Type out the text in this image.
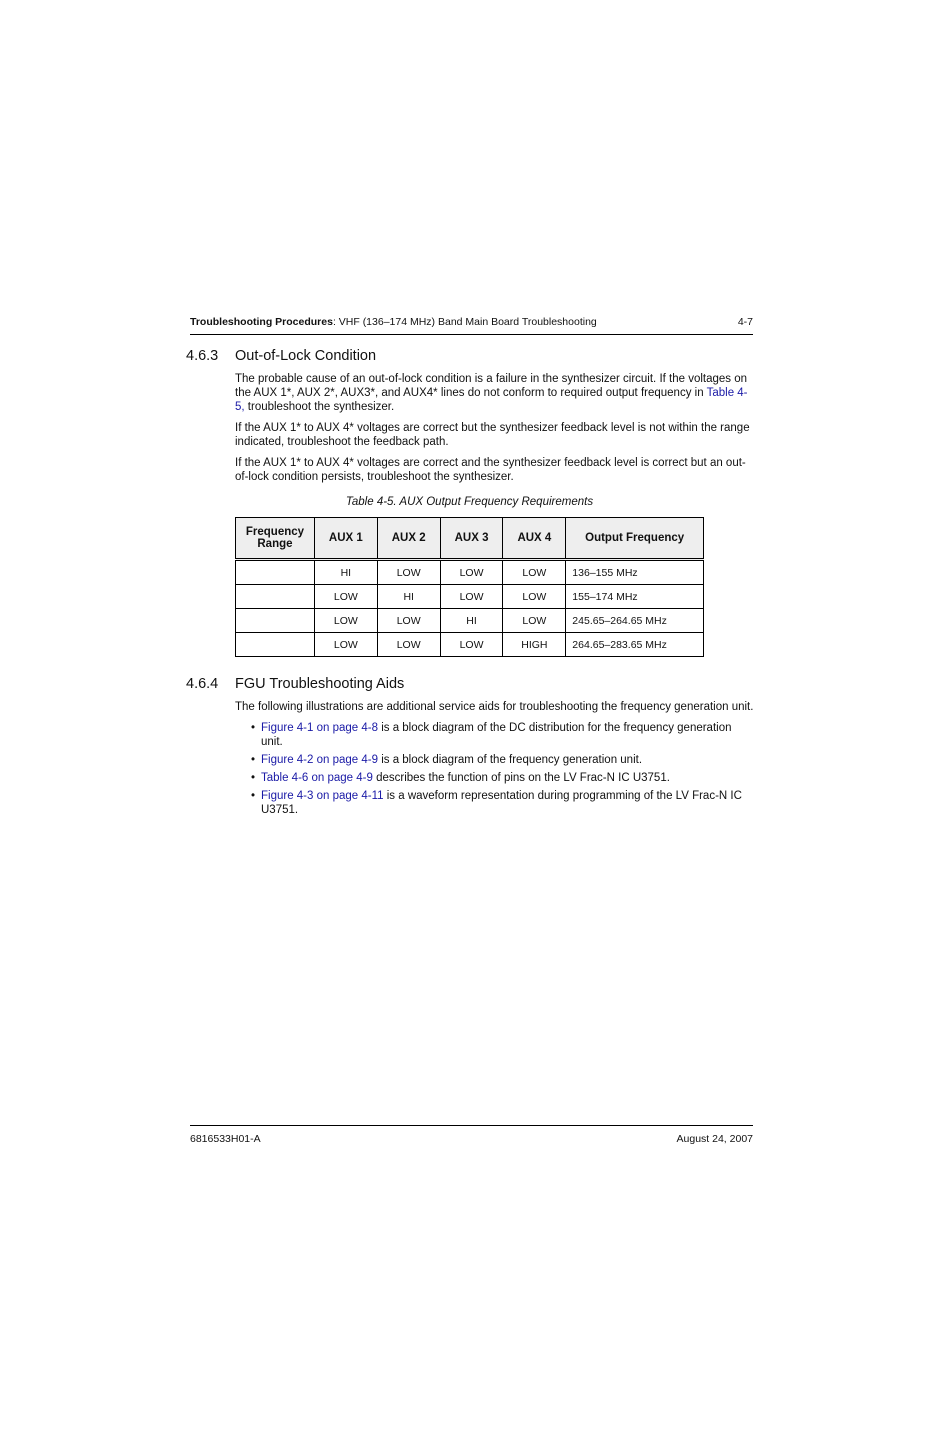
Troubleshooting Procedures: VHF (136–174 MHz) Band Main Board Troubleshooting	4-7
4.6.3 Out-of-Lock Condition

The probable cause of an out-of-lock condition is a failure in the synthesizer circuit. If the voltages on the AUX 1*, AUX 2*, AUX3*, and AUX4* lines do not conform to required output frequency in Table 4-5, troubleshoot the synthesizer.

If the AUX 1* to AUX 4* voltages are correct but the synthesizer feedback level is not within the range indicated, troubleshoot the feedback path.

If the AUX 1* to AUX 4* voltages are correct and the synthesizer feedback level is correct but an out-of-lock condition persists, troubleshoot the synthesizer.

Table 4-5. AUX Output Frequency Requirements
Frequency Range	AUX 1	AUX 2	AUX 3	AUX 4	Output Frequency
	HI	LOW	LOW	LOW	136–155 MHz
	LOW	HI	LOW	LOW	155–174 MHz
	LOW	LOW	HI	LOW	245.65–264.65 MHz
	LOW	LOW	LOW	HIGH	264.65–283.65 MHz
4.6.4 FGU Troubleshooting Aids

The following illustrations are additional service aids for troubleshooting the frequency generation unit.

• Figure 4-1 on page 4-8 is a block diagram of the DC distribution for the frequency generation unit.
• Figure 4-2 on page 4-9 is a block diagram of the frequency generation unit.
• Table 4-6 on page 4-9 describes the function of pins on the LV Frac-N IC U3751.
• Figure 4-3 on page 4-11 is a waveform representation during programming of the LV Frac-N IC U3751.
6816533H01-A	August 24, 2007
